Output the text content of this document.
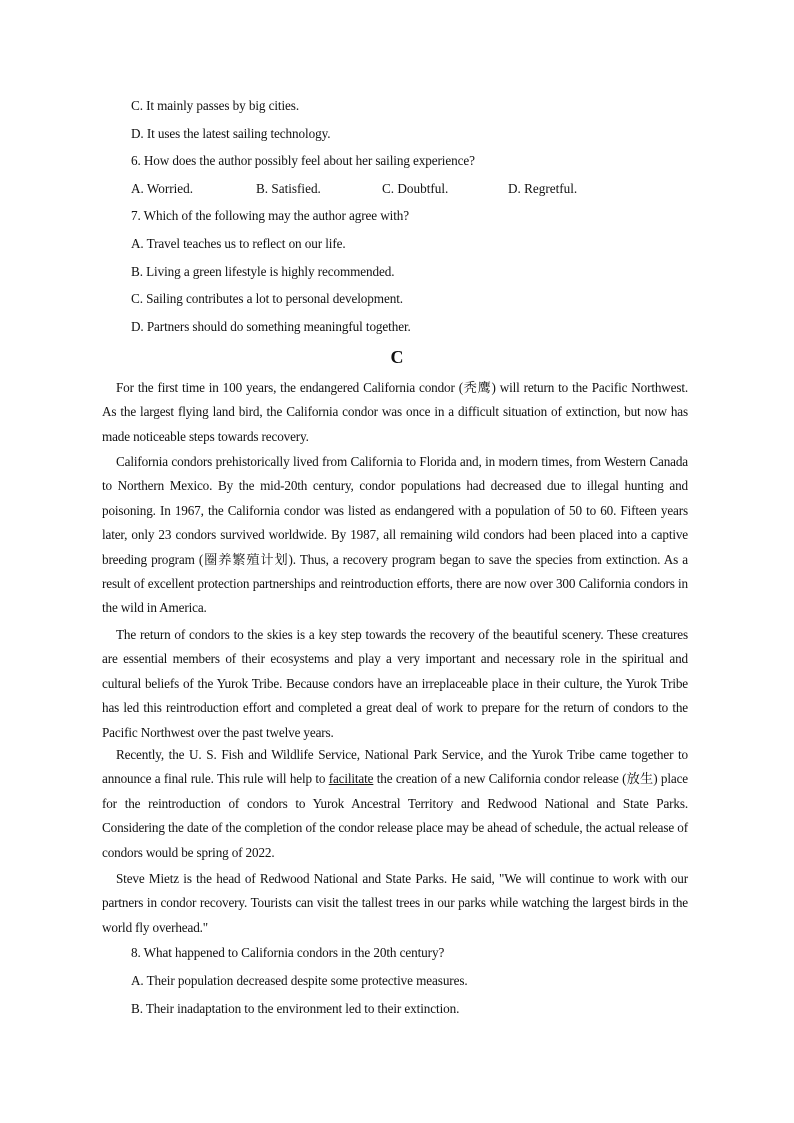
C. It mainly passes by big cities.
D. It uses the latest sailing technology.
6. How does the author possibly feel about her sailing experience?
A. Worried.	B. Satisfied.	C. Doubtful.	D. Regretful.
7. Which of the following may the author agree with?
A. Travel teaches us to reflect on our life.
B. Living a green lifestyle is highly recommended.
C. Sailing contributes a lot to personal development.
D. Partners should do something meaningful together.
C
For the first time in 100 years, the endangered California condor (秃鹰) will return to the Pacific Northwest. As the largest flying land bird, the California condor was once in a difficult situation of extinction, but now has made noticeable steps towards recovery.
California condors prehistorically lived from California to Florida and, in modern times, from Western Canada to Northern Mexico. By the mid-20th century, condor populations had decreased due to illegal hunting and poisoning. In 1967, the California condor was listed as endangered with a population of 50 to 60. Fifteen years later, only 23 condors survived worldwide. By 1987, all remaining wild condors had been placed into a captive breeding program (圈养繁殖计划). Thus, a recovery program began to save the species from extinction. As a result of excellent protection partnerships and reintroduction efforts, there are now over 300 California condors in the wild in America.
The return of condors to the skies is a key step towards the recovery of the beautiful scenery. These creatures are essential members of their ecosystems and play a very important and necessary role in the spiritual and cultural beliefs of the Yurok Tribe. Because condors have an irreplaceable place in their culture, the Yurok Tribe has led this reintroduction effort and completed a great deal of work to prepare for the return of condors to the Pacific Northwest over the past twelve years.
Recently, the U. S. Fish and Wildlife Service, National Park Service, and the Yurok Tribe came together to announce a final rule. This rule will help to facilitate the creation of a new California condor release (放生) place for the reintroduction of condors to Yurok Ancestral Territory and Redwood National and State Parks. Considering the date of the completion of the condor release place may be ahead of schedule, the actual release of condors would be spring of 2022.
Steve Mietz is the head of Redwood National and State Parks. He said, "We will continue to work with our partners in condor recovery. Tourists can visit the tallest trees in our parks while watching the largest birds in the world fly overhead."
8. What happened to California condors in the 20th century?
A. Their population decreased despite some protective measures.
B. Their inadaptation to the environment led to their extinction.
